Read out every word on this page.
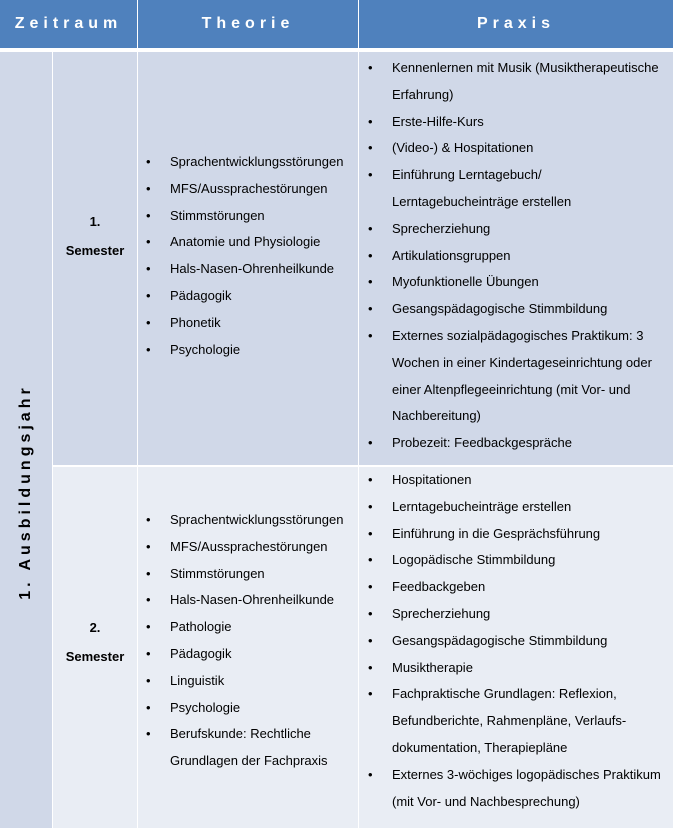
Zeitraum	Theorie	Praxis
1. Ausbildungsjahr
1.
Semester
• Sprachentwicklungsstörungen
• MFS/Aussprachestörungen
• Stimmstörungen
• Anatomie und Physiologie
• Hals-Nasen-Ohrenheilkunde
• Pädagogik
• Phonetik
• Psychologie
• Kennenlernen mit Musik (Musiktherapeutische Erfahrung)
• Erste-Hilfe-Kurs
• (Video-) & Hospitationen
• Einführung Lerntagebuch/ Lerntagebucheinträge erstellen
• Sprecherziehung
• Artikulationsgruppen
• Myofunktionelle Übungen
• Gesangspädagogische Stimmbildung
• Externes sozialpädagogisches Praktikum: 3 Wochen in einer Kindertageseinrichtung oder einer Altenpflegeeinrichtung (mit Vor- und Nachbereitung)
• Probezeit: Feedbackgespräche
2.
Semester
• Sprachentwicklungsstörungen
• MFS/Aussprachestörungen
• Stimmstörungen
• Hals-Nasen-Ohrenheilkunde
• Pathologie
• Pädagogik
• Linguistik
• Psychologie
• Berufskunde: Rechtliche Grundlagen der Fachpraxis
• Hospitationen
• Lerntagebucheinträge erstellen
• Einführung in die Gesprächsführung
• Logopädische Stimmbildung
• Feedbackgeben
• Sprecherziehung
• Gesangspädagogische Stimmbildung
• Musiktherapie
• Fachpraktische Grundlagen: Reflexion, Befundberichte, Rahmenpläne, Verlaufs-dokumentation, Therapiepläne
• Externes 3-wöchiges logopädisches Praktikum (mit Vor- und Nachbesprechung)
